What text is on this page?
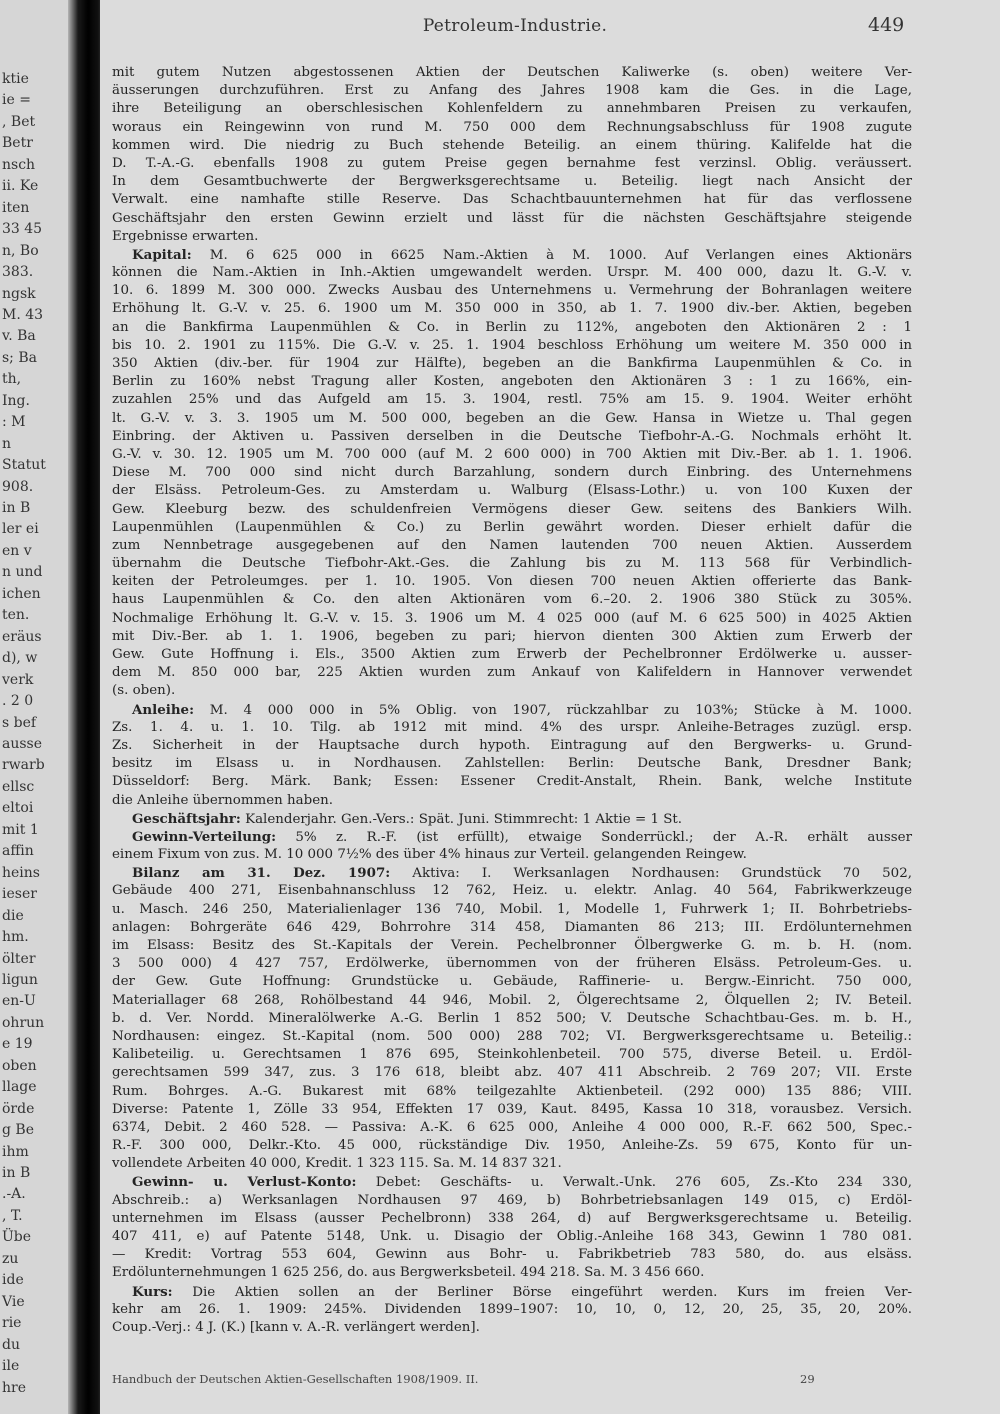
ktie
ie =
, Bet
Betr
nsch
ii. Ke
iten
33 45
n, Bo
383.
ngsk
M. 43
v. Ba
s; Ba
th,
Ing.
: M
n
Statut
908.
in B
ler ei
en v
n und
ichen
ten.
eräus
d), w
verk
. 2 0
s bef
ausse
rwarb
ellsc
eltoi
mit 1
affin
heins
ieser
die
hm.
ölter
ligun
en-U
ohrun
e 19
oben
llage
örde
g Be
ihm
in B
.-A.
, T.
Übe
zu
ide
Vie
rie
du
ile
hre
Petroleum-Industrie.	449
mit gutem Nutzen abgestossenen Aktien der Deutschen Kaliwerke (s. oben) weitere Ver-
äusserungen durchzuführen. Erst zu Anfang des Jahres 1908 kam die Ges. in die Lage,
ihre Beteiligung an oberschlesischen Kohlenfeldern zu annehmbaren Preisen zu verkaufen,
woraus ein Reingewinn von rund M. 750 000 dem Rechnungsabschluss für 1908 zugute
kommen wird. Die niedrig zu Buch stehende Beteilig. an einem thüring. Kalifelde hat die
D. T.-A.-G. ebenfalls 1908 zu gutem Preise gegen bernahme fest verzinsl. Oblig. veräussert.
In dem Gesamtbuchwerte der Bergwerksgerechtsame u. Beteilig. liegt nach Ansicht der
Verwalt. eine namhafte stille Reserve. Das Schachtbauunternehmen hat für das verflossene
Geschäftsjahr den ersten Gewinn erzielt und lässt für die nächsten Geschäftsjahre steigende
Ergebnisse erwarten.
Kapital: M. 6 625 000 in 6625 Nam.-Aktien à M. 1000. Auf Verlangen eines Aktionärs
können die Nam.-Aktien in Inh.-Aktien umgewandelt werden. Urspr. M. 400 000, dazu lt. G.-V. v.
10. 6. 1899 M. 300 000. Zwecks Ausbau des Unternehmens u. Vermehrung der Bohranlagen weitere
Erhöhung lt. G.-V. v. 25. 6. 1900 um M. 350 000 in 350, ab 1. 7. 1900 div.-ber. Aktien, begeben
an die Bankfirma Laupenmühlen & Co. in Berlin zu 112%, angeboten den Aktionären 2 : 1
bis 10. 2. 1901 zu 115%. Die G.-V. v. 25. 1. 1904 beschloss Erhöhung um weitere M. 350 000 in
350 Aktien (div.-ber. für 1904 zur Hälfte), begeben an die Bankfirma Laupenmühlen & Co. in
Berlin zu 160% nebst Tragung aller Kosten, angeboten den Aktionären 3 : 1 zu 166%, ein-
zuzahlen 25% und das Aufgeld am 15. 3. 1904, restl. 75% am 15. 9. 1904. Weiter erhöht
lt. G.-V. v. 3. 3. 1905 um M. 500 000, begeben an die Gew. Hansa in Wietze u. Thal gegen
Einbring. der Aktiven u. Passiven derselben in die Deutsche Tiefbohr-A.-G. Nochmals erhöht lt.
G.-V. v. 30. 12. 1905 um M. 700 000 (auf M. 2 600 000) in 700 Aktien mit Div.-Ber. ab 1. 1. 1906.
Diese M. 700 000 sind nicht durch Barzahlung, sondern durch Einbring. des Unternehmens
der Elsäss. Petroleum-Ges. zu Amsterdam u. Walburg (Elsass-Lothr.) u. von 100 Kuxen der
Gew. Kleeburg bezw. des schuldenfreien Vermögens dieser Gew. seitens des Bankiers Wilh.
Laupenmühlen (Laupenmühlen & Co.) zu Berlin gewährt worden. Dieser erhielt dafür die
zum Nennbetrage ausgegebenen auf den Namen lautenden 700 neuen Aktien. Ausserdem
übernahm die Deutsche Tiefbohr-Akt.-Ges. die Zahlung bis zu M. 113 568 für Verbindlich-
keiten der Petroleumges. per 1. 10. 1905. Von diesen 700 neuen Aktien offerierte das Bank-
haus Laupenmühlen & Co. den alten Aktionären vom 6.–20. 2. 1906 380 Stück zu 305%.
Nochmalige Erhöhung lt. G.-V. v. 15. 3. 1906 um M. 4 025 000 (auf M. 6 625 500) in 4025 Aktien
mit Div.-Ber. ab 1. 1. 1906, begeben zu pari; hiervon dienten 300 Aktien zum Erwerb der
Gew. Gute Hoffnung i. Els., 3500 Aktien zum Erwerb der Pechelbronner Erdölwerke u. ausser-
dem M. 850 000 bar, 225 Aktien wurden zum Ankauf von Kalifeldern in Hannover verwendet
(s. oben).
Anleihe: M. 4 000 000 in 5% Oblig. von 1907, rückzahlbar zu 103%; Stücke à M. 1000.
Zs. 1. 4. u. 1. 10. Tilg. ab 1912 mit mind. 4% des urspr. Anleihe-Betrages zuzügl. ersp.
Zs. Sicherheit in der Hauptsache durch hypoth. Eintragung auf den Bergwerks- u. Grund-
besitz im Elsass u. in Nordhausen. Zahlstellen: Berlin: Deutsche Bank, Dresdner Bank;
Düsseldorf: Berg. Märk. Bank; Essen: Essener Credit-Anstalt, Rhein. Bank, welche Institute
die Anleihe übernommen haben.
Geschäftsjahr: Kalenderjahr. Gen.-Vers.: Spät. Juni. Stimmrecht: 1 Aktie = 1 St.
Gewinn-Verteilung: 5% z. R.-F. (ist erfüllt), etwaige Sonderrückl.; der A.-R. erhält ausser
einem Fixum von zus. M. 10 000 7½% des über 4% hinaus zur Verteil. gelangenden Reingew.
Bilanz am 31. Dez. 1907: Aktiva: I. Werksanlagen Nordhausen: Grundstück 70 502,
Gebäude 400 271, Eisenbahnanschluss 12 762, Heiz. u. elektr. Anlag. 40 564, Fabrikwerkzeuge
u. Masch. 246 250, Materialienlager 136 740, Mobil. 1, Modelle 1, Fuhrwerk 1; II. Bohrbetriebs-
anlagen: Bohrgeräte 646 429, Bohrrohre 314 458, Diamanten 86 213; III. Erdölunternehmen
im Elsass: Besitz des St.-Kapitals der Verein. Pechelbronner Ölbergwerke G. m. b. H. (nom.
3 500 000) 4 427 757, Erdölwerke, übernommen von der früheren Elsäss. Petroleum-Ges. u.
der Gew. Gute Hoffnung: Grundstücke u. Gebäude, Raffinerie- u. Bergw.-Einricht. 750 000,
Materiallager 68 268, Rohölbestand 44 946, Mobil. 2, Ölgerechtsame 2, Ölquellen 2; IV. Beteil.
b. d. Ver. Nordd. Mineralölwerke A.-G. Berlin 1 852 500; V. Deutsche Schachtbau-Ges. m. b. H.,
Nordhausen: eingez. St.-Kapital (nom. 500 000) 288 702; VI. Bergwerksgerechtsame u. Beteilig.:
Kalibeteilig. u. Gerechtsamen 1 876 695, Steinkohlenbeteil. 700 575, diverse Beteil. u. Erdöl-
gerechtsamen 599 347, zus. 3 176 618, bleibt abz. 407 411 Abschreib. 2 769 207; VII. Erste
Rum. Bohrges. A.-G. Bukarest mit 68% teilgezahlte Aktienbeteil. (292 000) 135 886; VIII.
Diverse: Patente 1, Zölle 33 954, Effekten 17 039, Kaut. 8495, Kassa 10 318, vorausbez. Versich.
6374, Debit. 2 460 528. — Passiva: A.-K. 6 625 000, Anleihe 4 000 000, R.-F. 662 500, Spec.-
R.-F. 300 000, Delkr.-Kto. 45 000, rückständige Div. 1950, Anleihe-Zs. 59 675, Konto für un-
vollendete Arbeiten 40 000, Kredit. 1 323 115. Sa. M. 14 837 321.
Gewinn- u. Verlust-Konto: Debet: Geschäfts- u. Verwalt.-Unk. 276 605, Zs.-Kto 234 330,
Abschreib.: a) Werksanlagen Nordhausen 97 469, b) Bohrbetriebsanlagen 149 015, c) Erdöl-
unternehmen im Elsass (ausser Pechelbronn) 338 264, d) auf Bergwerksgerechtsame u. Beteilig.
407 411, e) auf Patente 5148, Unk. u. Disagio der Oblig.-Anleihe 168 343, Gewinn 1 780 081.
— Kredit: Vortrag 553 604, Gewinn aus Bohr- u. Fabrikbetrieb 783 580, do. aus elsäss.
Erdölunternehmungen 1 625 256, do. aus Bergwerksbeteil. 494 218. Sa. M. 3 456 660.
Kurs: Die Aktien sollen an der Berliner Börse eingeführt werden. Kurs im freien Ver-
kehr am 26. 1. 1909: 245%. Dividenden 1899–1907: 10, 10, 0, 12, 20, 25, 35, 20, 20%.
Coup.-Verj.: 4 J. (K.) [kann v. A.-R. verlängert werden].
Handbuch der Deutschen Aktien-Gesellschaften 1908/1909. II.	29
